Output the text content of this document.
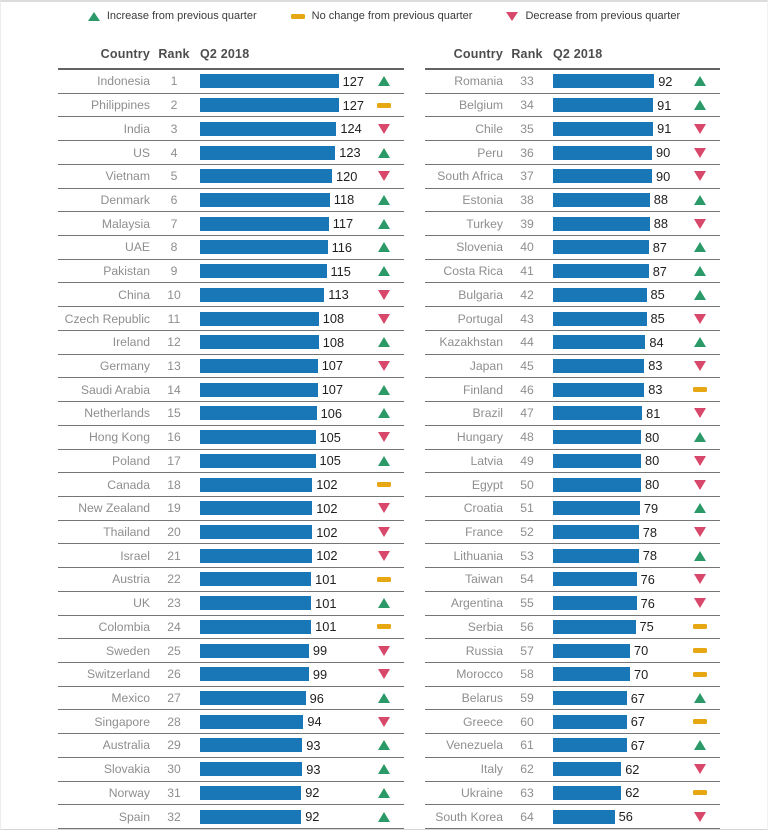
Increase from previous quarter	No change from previous quarter	Decrease from previous quarter
Country Rank Q2 2018
Indonesia	1	127
Philippines	2	127
India	3	124
US	4	123
Vietnam	5	120
Denmark	6	118
Malaysia	7	117
UAE	8	116
Pakistan	9	115
China	10	113
Czech Republic	11	108
Ireland	12	108
Germany	13	107
Saudi Arabia	14	107
Netherlands	15	106
Hong Kong	16	105
Poland	17	105
Canada	18	102
New Zealand	19	102
Thailand	20	102
Israel	21	102
Austria	22	101
UK	23	101
Colombia	24	101
Sweden	25	99
Switzerland	26	99
Mexico	27	96
Singapore	28	94
Australia	29	93
Slovakia	30	93
Norway	31	92
Spain	32	92
Country Rank Q2 2018
Romania	33	92
Belgium	34	91
Chile	35	91
Peru	36	90
South Africa	37	90
Estonia	38	88
Turkey	39	88
Slovenia	40	87
Costa Rica	41	87
Bulgaria	42	85
Portugal	43	85
Kazakhstan	44	84
Japan	45	83
Finland	46	83
Brazil	47	81
Hungary	48	80
Latvia	49	80
Egypt	50	80
Croatia	51	79
France	52	78
Lithuania	53	78
Taiwan	54	76
Argentina	55	76
Serbia	56	75
Russia	57	70
Morocco	58	70
Belarus	59	67
Greece	60	67
Venezuela	61	67
Italy	62	62
Ukraine	63	62
South Korea	64	56
